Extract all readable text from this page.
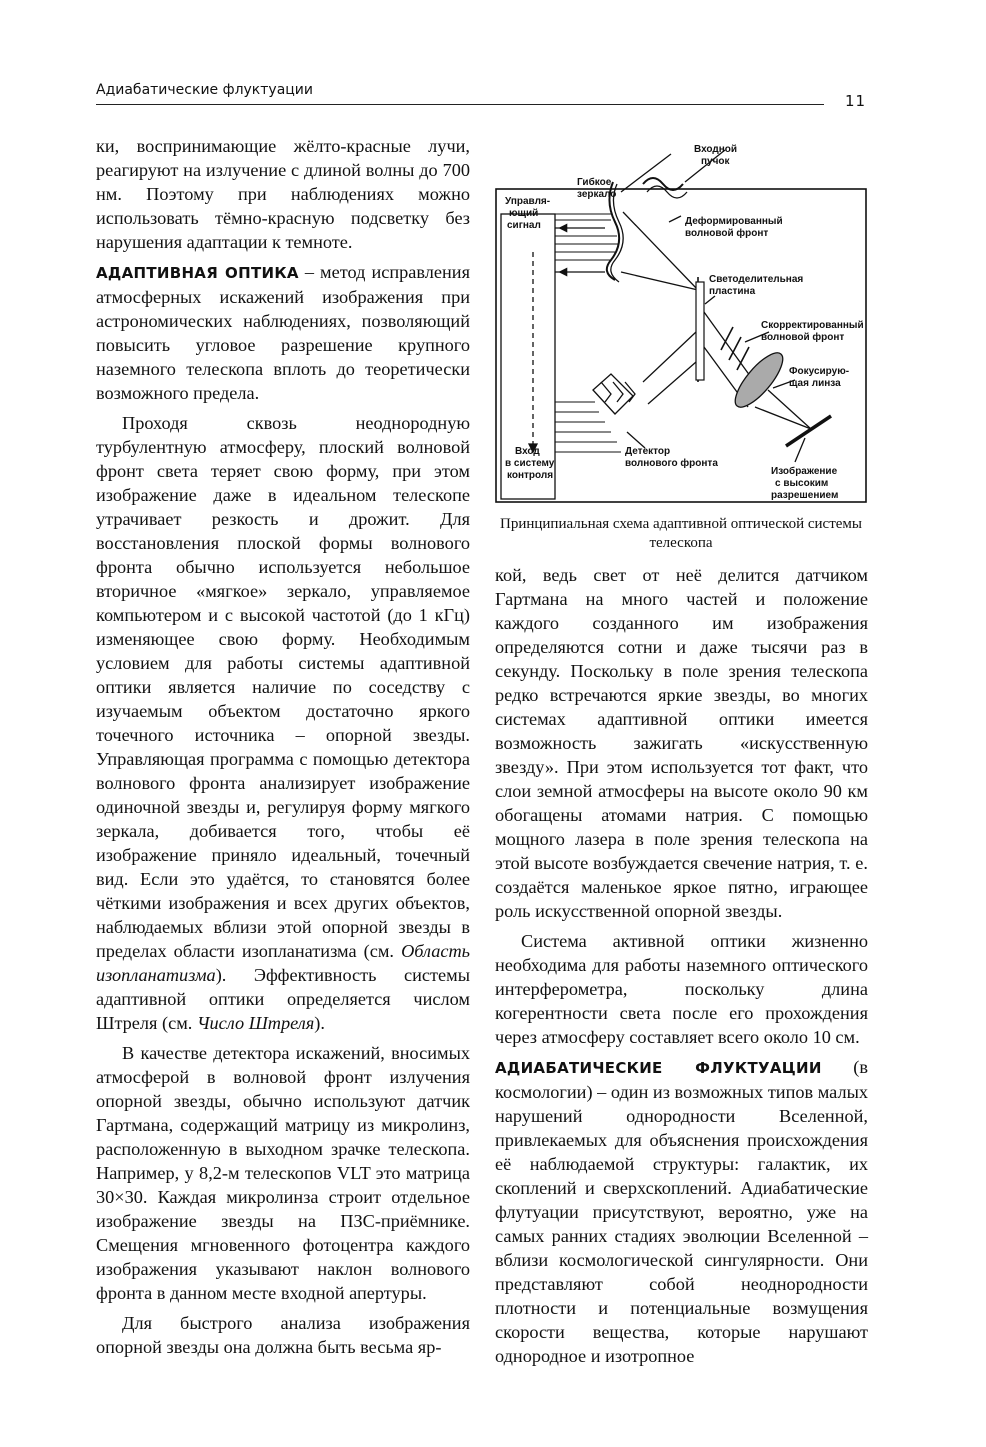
Адиабатические флуктуации
11

ки, воспринимающие жёлто-красные лучи, реагируют на излучение с длиной волны до 700 нм. Поэтому при наблюдениях можно использовать тёмно-красную подсветку без нарушения адаптации к темноте.

АДАПТИВНАЯ ОПТИКА – метод исправления атмосферных искажений изображения при астрономических наблюдениях, позволяющий повысить угловое разрешение крупного наземного телескопа вплоть до теоретически возможного предела.

Проходя сквозь неоднородную турбулентную атмосферу, плоский волновой фронт света теряет свою форму, при этом изображение даже в идеальном телескопе утрачивает резкость и дрожит. Для восстановления плоской формы волнового фронта обычно используется небольшое вторичное «мягкое» зеркало, управляемое компьютером и с высокой частотой (до 1 кГц) изменяющее свою форму. Необходимым условием для работы системы адаптивной оптики является наличие по соседству с изучаемым объектом достаточно яркого точечного источника – опорной звезды. Управляющая программа с помощью детектора волнового фронта анализирует изображение одиночной звезды и, регулируя форму мягкого зеркала, добивается того, чтобы её изображение приняло идеальный, точечный вид. Если это удаётся, то становятся более чёткими изображения и всех других объектов, наблюдаемых вблизи этой опорной звезды в пределах области изопланатизма (см. Область изопланатизма). Эффективность системы адаптивной оптики определяется числом Штреля (см. Число Штреля).

В качестве детектора искажений, вносимых атмосферой в волновой фронт излучения опорной звезды, обычно используют датчик Гартмана, содержащий матрицу из микролинз, расположенную в выходном зрачке телескопа. Например, у 8,2-м телескопов VLT это матрица 30×30. Каждая микролинза строит отдельное изображение звезды на ПЗС-приёмнике. Смещения мгновенного фотоцентра каждого изображения указывают наклон волнового фронта в данном месте входной апертуры.

Для быстрого анализа изображения опорной звезды она должна быть весьма яр-

Входной пучок
Гибкое зеркало
Управля-ющий сигнал	Деформированный волновой фронт
Светоделительная пластина
Скорректированный волновой фронт
Фокусирую-щая линза
Детектор волнового фронта
Вход в систему контроля	Изображение с высоким разрешением
Принципиальная схема адаптивной оптической системы телескопа

кой, ведь свет от неё делится датчиком Гартмана на много частей и положение каждого созданного им изображения определяются сотни и даже тысячи раз в секунду. Поскольку в поле зрения телескопа редко встречаются яркие звезды, во многих системах адаптивной оптики имеется возможность зажигать «искусственную звезду». При этом используется тот факт, что слои земной атмосферы на высоте около 90 км обогащены атомами натрия. С помощью мощного лазера в поле зрения телескопа на этой высоте возбуждается свечение натрия, т. е. создаётся маленькое яркое пятно, играющее роль искусственной опорной звезды.

Система активной оптики жизненно необходима для работы наземного оптического интерферометра, поскольку длина когерентности света после его прохождения через атмосферу составляет всего около 10 см.

АДИАБАТИЧЕСКИЕ ФЛУКТУАЦИИ (в космологии) – один из возможных типов малых нарушений однородности Вселенной, привлекаемых для объяснения происхождения её наблюдаемой структуры: галактик, их скоплений и сверхскоплений. Адиабатические флутуации присутствуют, вероятно, уже на самых ранних стадиях эволюции Вселенной – вблизи космологической сингулярности. Они представляют собой неоднородности плотности и потенциальные возмущения скорости вещества, которые нарушают однородное и изотропное
